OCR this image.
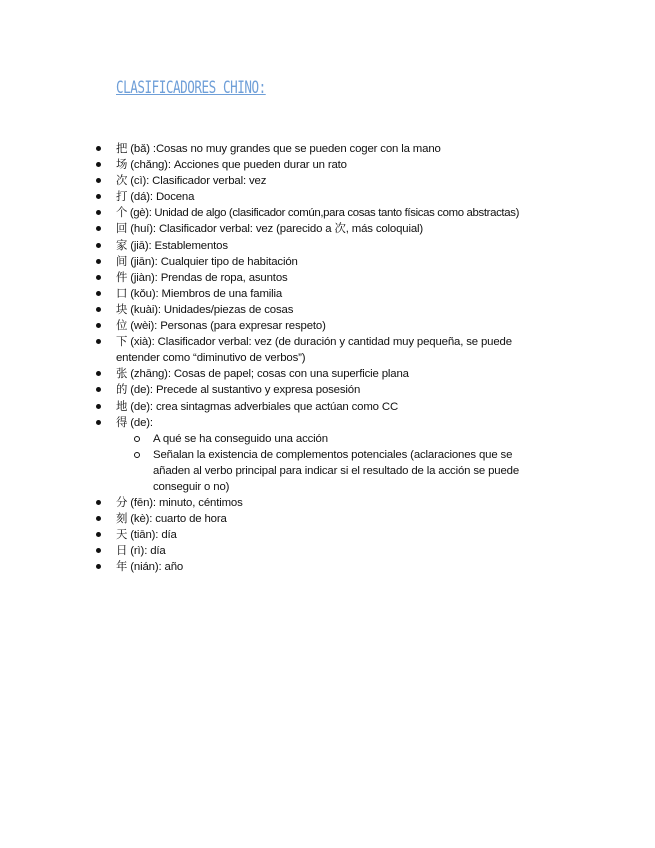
CLASIFICADORES CHINO:
把 (bǎ) :Cosas no muy grandes que se pueden coger con la mano
场 (chǎng): Acciones que pueden durar un rato
次 (cì): Clasificador verbal: vez
打 (dá): Docena
个 (gè): Unidad de algo (clasificador común,para cosas tanto físicas como abstractas)
回 (huí): Clasificador verbal: vez (parecido a 次, más coloquial)
家 (jiā): Establementos
间 (jiān): Cualquier tipo de habitación
件 (jiàn): Prendas de ropa, asuntos
口 (kǒu): Miembros de una familia
块 (kuài): Unidades/piezas de cosas
位 (wèi): Personas (para expresar respeto)
下 (xià): Clasificador verbal: vez (de duración y cantidad muy pequeña, se puede entender como “diminutivo de verbos”)
张 (zhāng): Cosas de papel; cosas con una superficie plana
的 (de): Precede al sustantivo y expresa posesión
地 (de): crea sintagmas adverbiales que actúan como CC
得 (de):
A qué se ha conseguido una acción
Señalan la existencia de complementos potenciales (aclaraciones que se añaden al verbo principal para indicar si el resultado de la acción se puede conseguir o no)
分 (fēn): minuto, céntimos
刻 (kè): cuarto de hora
天 (tiān): día
日 (rì): día
年 (nián): año
